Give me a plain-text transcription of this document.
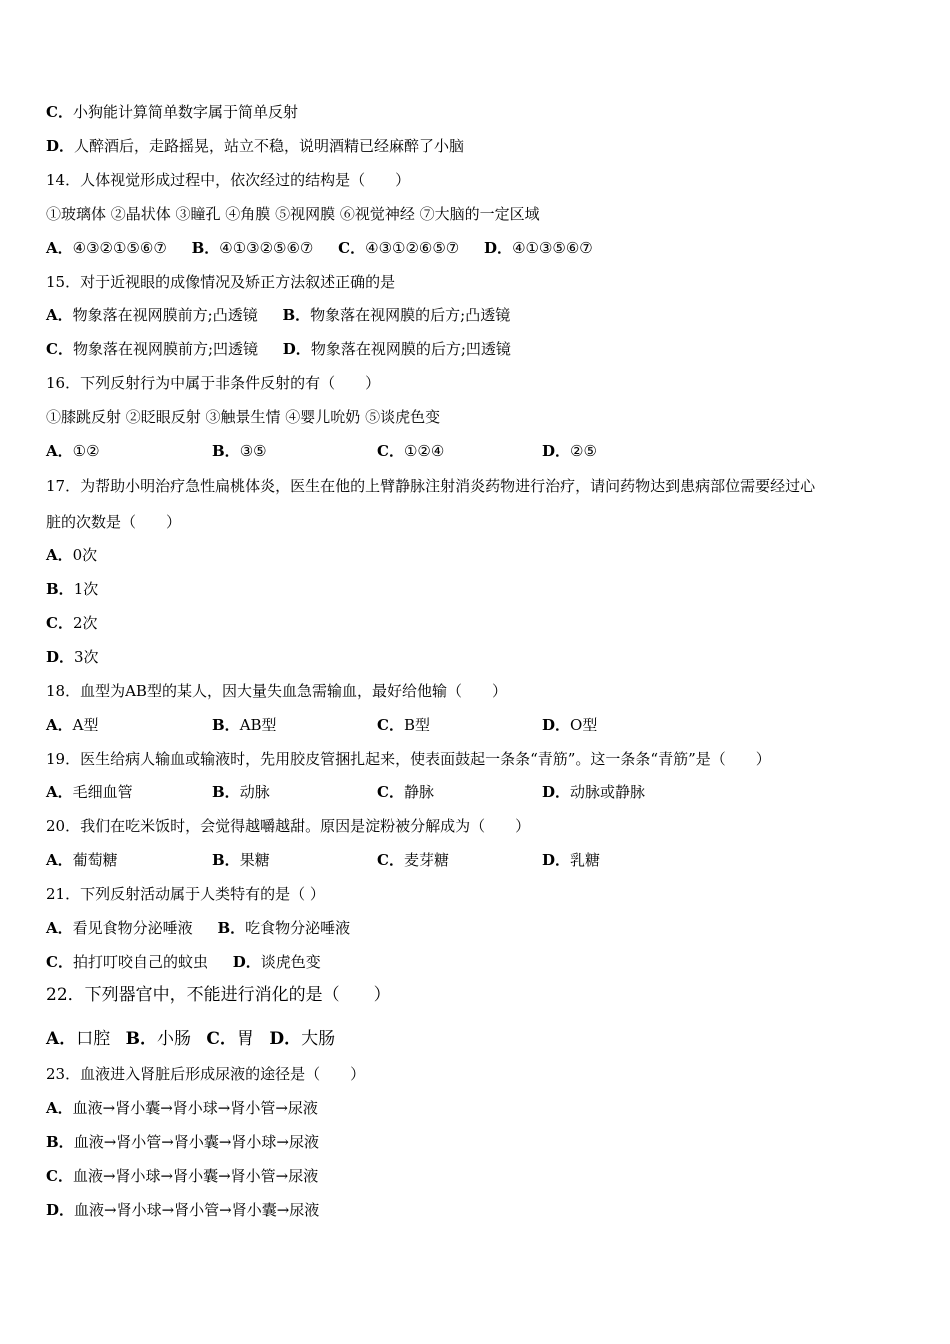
C．小狗能计算简单数字属于简单反射
D．人醉酒后，走路摇晃，站立不稳，说明酒精已经麻醉了小脑
14．人体视觉形成过程中，依次经过的结构是（　　）
①玻璃体 ②晶状体 ③瞳孔 ④角膜 ⑤视网膜 ⑥视觉神经 ⑦大脑的一定区域
A．④③②①⑤⑥⑦ B．④①③②⑤⑥⑦ C．④③①②⑥⑤⑦ D．④①③⑤⑥⑦
15．对于近视眼的成像情况及矫正方法叙述正确的是
A．物象落在视网膜前方;凸透镜 B．物象落在视网膜的后方;凸透镜
C．物象落在视网膜前方;凹透镜 D．物象落在视网膜的后方;凹透镜
16．下列反射行为中属于非条件反射的有（　　）
①膝跳反射 ②眨眼反射 ③触景生情 ④婴儿吮奶 ⑤谈虎色变
A．①②	B．③⑤	C．①②④	D．②⑤
17．为帮助小明治疗急性扁桃体炎，医生在他的上臂静脉注射消炎药物进行治疗，请问药物达到患病部位需要经过心
脏的次数是（　　）
A．0次
B．1次
C．2次
D．3次
18．血型为AB型的某人，因大量失血急需输血，最好给他输（　　）
A．A型	B．AB型	C．B型	D．O型
19．医生给病人输血或输液时，先用胶皮管捆扎起来，使表面鼓起一条条“青筋”。这一条条“青筋”是（　　）
A．毛细血管	B．动脉	C．静脉	D．动脉或静脉
20．我们在吃米饭时，会觉得越嚼越甜。原因是淀粉被分解成为（　　）
A．葡萄糖	B．果糖	C．麦芽糖	D．乳糖
21．下列反射活动属于人类特有的是（ ）
A．看见食物分泌唾液 B．吃食物分泌唾液
C．拍打叮咬自己的蚊虫 D．谈虎色变
22．下列器官中，不能进行消化的是（　　）
A．口腔 B．小肠 C．胃 D．大肠
23．血液进入肾脏后形成尿液的途径是（　　）
A．血液→肾小囊→肾小球→肾小管→尿液
B．血液→肾小管→肾小囊→肾小球→尿液
C．血液→肾小球→肾小囊→肾小管→尿液
D．血液→肾小球→肾小管→肾小囊→尿液
